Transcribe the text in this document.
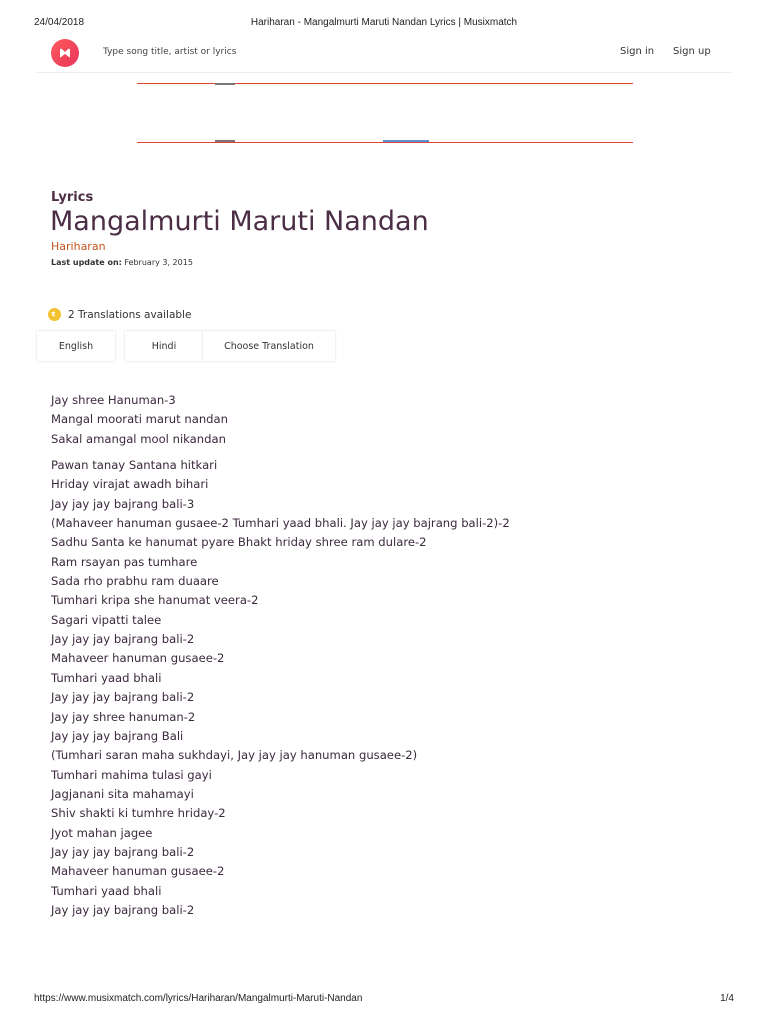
24/04/2018	Hariharan - Mangalmurti Maruti Nandan Lyrics | Musixmatch
Type song title, artist or lyrics
Sign in Sign up
Lyrics
Mangalmurti Maruti Nandan
Hariharan
Last update on: February 3, 2015
2 Translations available
English	Hindi	Choose Translation

Jay shree Hanuman-3

Mangal moorati marut nandan

Sakal amangal mool nikandan

Pawan tanay Santana hitkari

Hriday virajat awadh bihari

Jay jay jay bajrang bali-3

(Mahaveer hanuman gusaee-2 Tumhari yaad bhali. Jay jay jay bajrang bali-2)-2

Sadhu Santa ke hanumat pyare Bhakt hriday shree ram dulare-2

Ram rsayan pas tumhare

Sada rho prabhu ram duaare

Tumhari kripa she hanumat veera-2

Sagari vipatti talee

Jay jay jay bajrang bali-2

Mahaveer hanuman gusaee-2

Tumhari yaad bhali

Jay jay jay bajrang bali-2

Jay jay shree hanuman-2

Jay jay jay bajrang Bali

(Tumhari saran maha sukhdayi, Jay jay jay hanuman gusaee-2)

Tumhari mahima tulasi gayi

Jagjanani sita mahamayi

Shiv shakti ki tumhre hriday-2

Jyot mahan jagee

Jay jay jay bajrang bali-2

Mahaveer hanuman gusaee-2

Tumhari yaad bhali

Jay jay jay bajrang bali-2

https://www.musixmatch.com/lyrics/Hariharan/Mangalmurti-Maruti-Nandan	1/4
